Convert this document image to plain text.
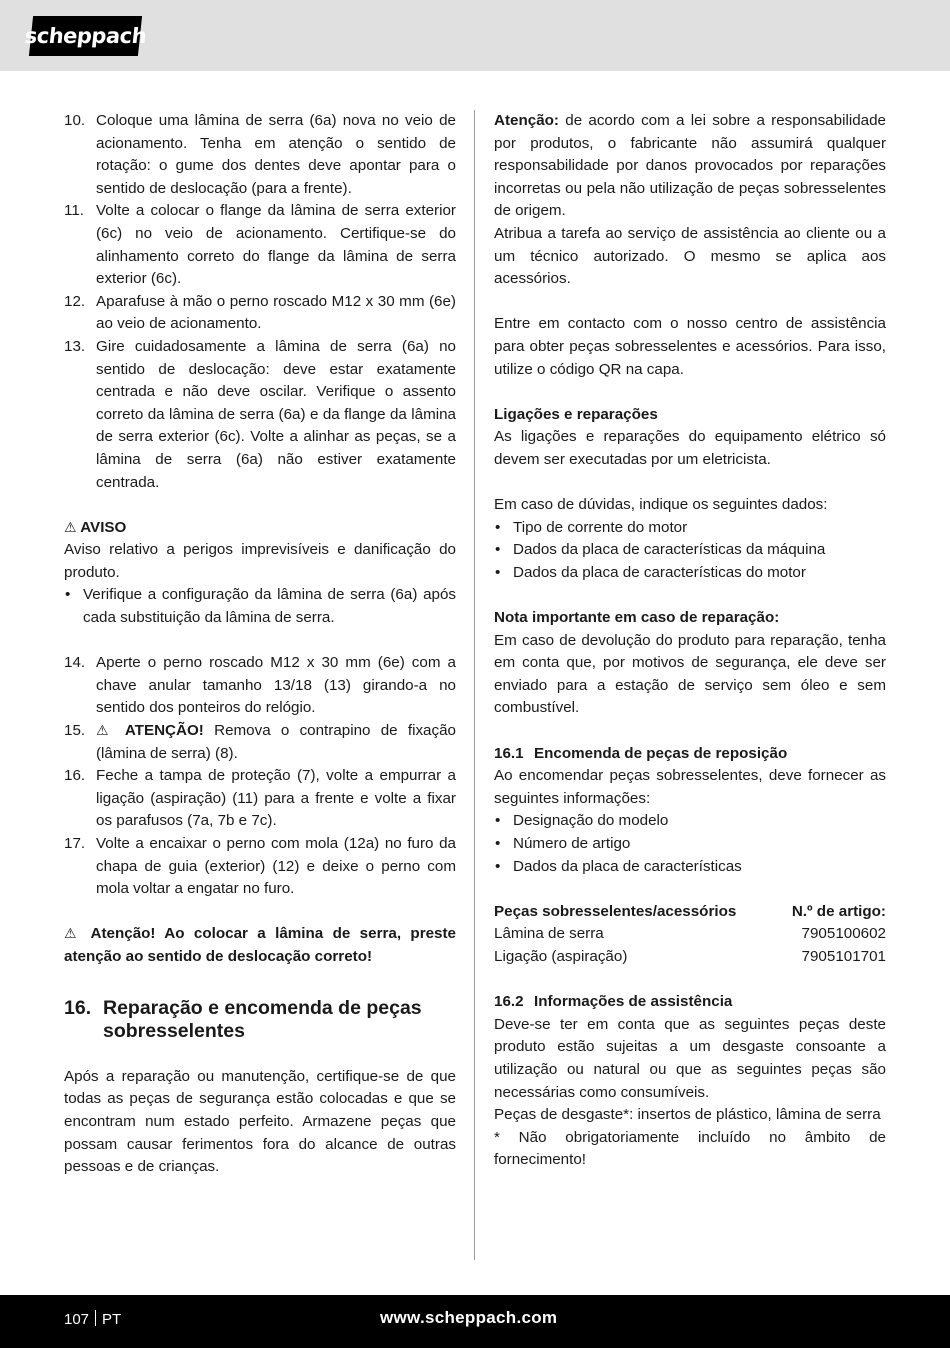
scheppach
10. Coloque uma lâmina de serra (6a) nova no veio de acionamento. Tenha em atenção o sentido de rotação: o gume dos dentes deve apontar para o sentido de deslocação (para a frente).
11. Volte a colocar o flange da lâmina de serra exterior (6c) no veio de acionamento. Certifique-se do alinhamento correto do flange da lâmina de serra exterior (6c).
12. Aparafuse à mão o perno roscado M12 x 30 mm (6e) ao veio de acionamento.
13. Gire cuidadosamente a lâmina de serra (6a) no sentido de deslocação: deve estar exatamente centrada e não deve oscilar. Verifique o assento correto da lâmina de serra (6a) e da flange da lâmina de serra exterior (6c). Volte a alinhar as peças, se a lâmina de serra (6a) não estiver exatamente centrada.

⚠ AVISO

Aviso relativo a perigos imprevisíveis e danificação do produto.

• Verifique a configuração da lâmina de serra (6a) após cada substituição da lâmina de serra.
14. Aperte o perno roscado M12 x 30 mm (6e) com a chave anular tamanho 13/18 (13) girando-a no sentido dos ponteiros do relógio.
15. ⚠ ATENÇÃO! Remova o contrapino de fixação (lâmina de serra) (8).
16. Feche a tampa de proteção (7), volte a empurrar a ligação (aspiração) (11) para a frente e volte a fixar os parafusos (7a, 7b e 7c).
17. Volte a encaixar o perno com mola (12a) no furo da chapa de guia (exterior) (12) e deixe o perno com mola voltar a engatar no furo.

⚠ Atenção! Ao colocar a lâmina de serra, preste atenção ao sentido de deslocação correto!

16. Reparação e encomenda de peças sobresselentes

Após a reparação ou manutenção, certifique-se de que todas as peças de segurança estão colocadas e que se encontram num estado perfeito. Armazene peças que possam causar ferimentos fora do alcance de outras pessoas e de crianças.

Atenção: de acordo com a lei sobre a responsabilidade por produtos, o fabricante não assumirá qualquer responsabilidade por danos provocados por reparações incorretas ou pela não utilização de peças sobresselentes de origem.

Atribua a tarefa ao serviço de assistência ao cliente ou a um técnico autorizado. O mesmo se aplica aos acessórios.

Entre em contacto com o nosso centro de assistência para obter peças sobresselentes e acessórios. Para isso, utilize o código QR na capa.

Ligações e reparações

As ligações e reparações do equipamento elétrico só devem ser executadas por um eletricista.

Em caso de dúvidas, indique os seguintes dados:

• Tipo de corrente do motor
• Dados da placa de características da máquina
• Dados da placa de características do motor

Nota importante em caso de reparação:

Em caso de devolução do produto para reparação, tenha em conta que, por motivos de segurança, ele deve ser enviado para a estação de serviço sem óleo e sem combustível.

16.1 Encomenda de peças de reposição

Ao encomendar peças sobresselentes, deve fornecer as seguintes informações:

• Designação do modelo
• Número de artigo
• Dados da placa de características
Peças sobresselentes/acessórios	N.º de artigo:
Lâmina de serra	7905100602
Ligação (aspiração)	7905101701
16.2 Informações de assistência

Deve-se ter em conta que as seguintes peças deste produto estão sujeitas a um desgaste consoante a utilização ou natural ou que as seguintes peças são necessárias como consumíveis.

Peças de desgaste*: insertos de plástico, lâmina de serra

* Não obrigatoriamente incluído no âmbito de fornecimento!

107 PT	www.scheppach.com
